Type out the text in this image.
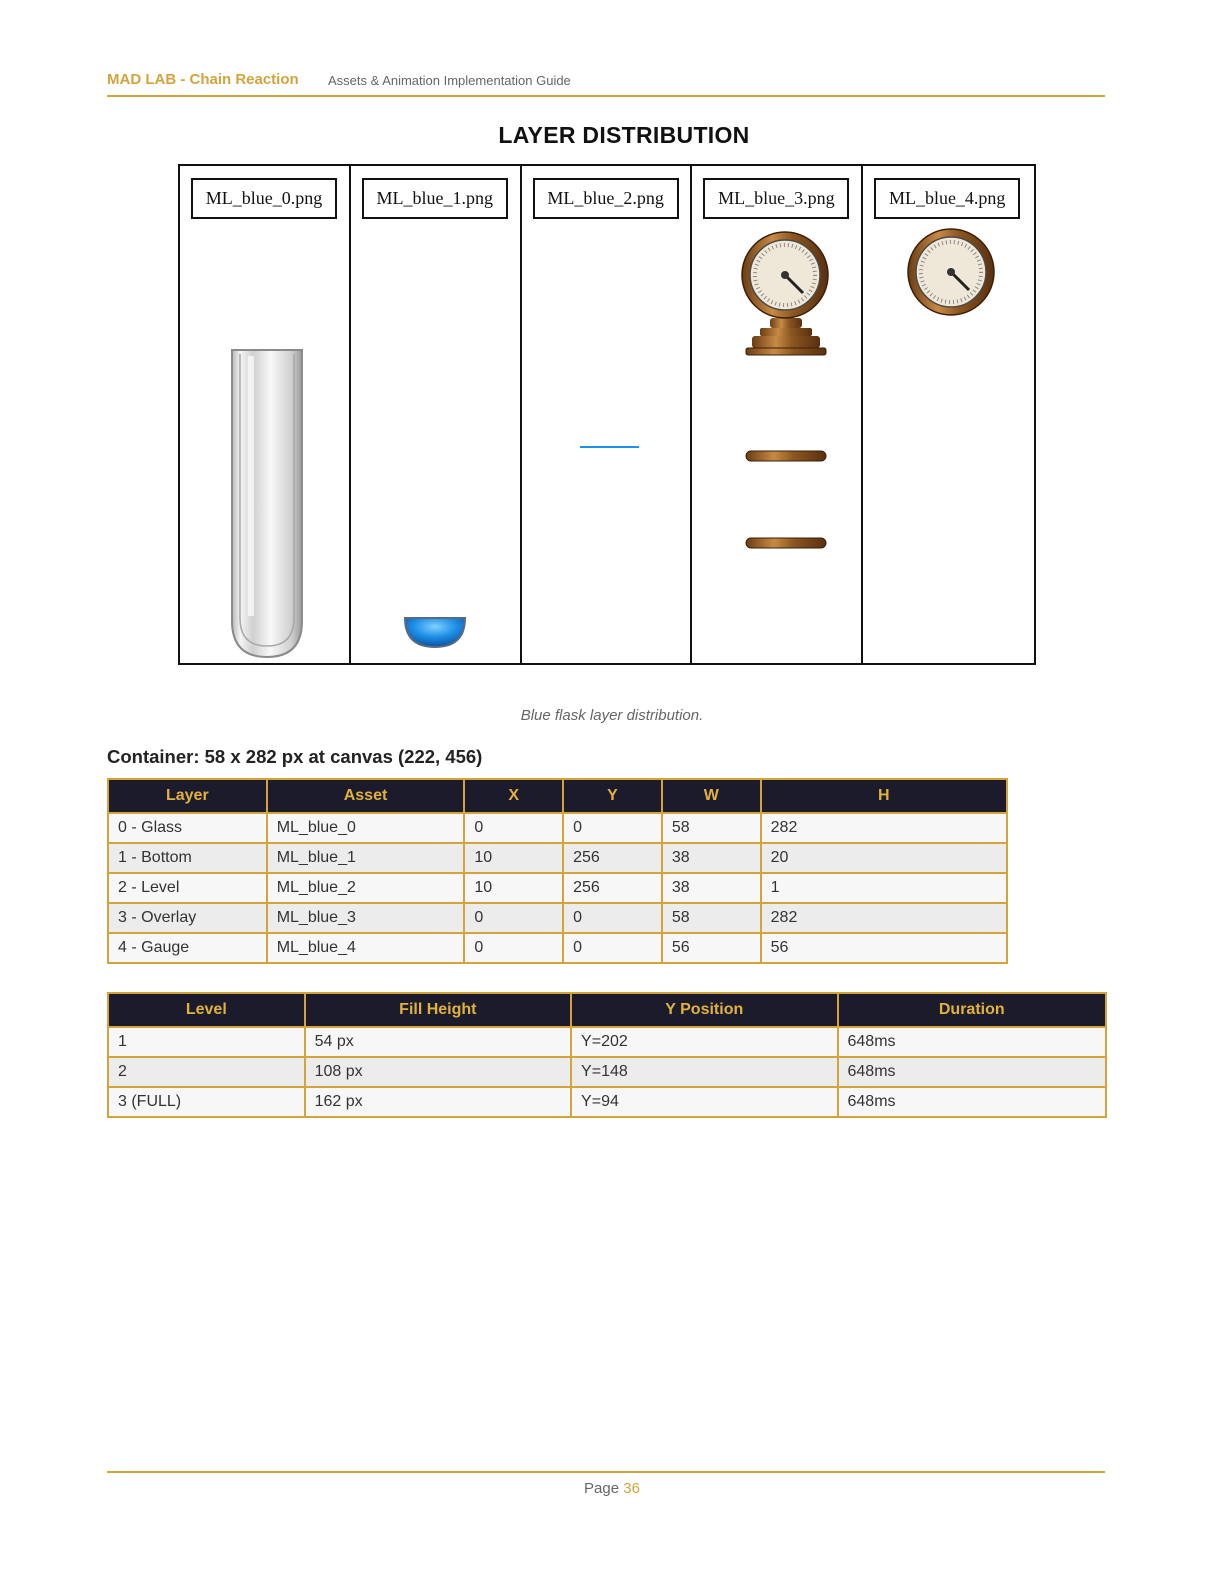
MAD LAB - Chain Reaction Assets & Animation Implementation Guide
LAYER DISTRIBUTION
ML_blue_0.png	ML_blue_1.png	ML_blue_2.png	ML_blue_3.png	ML_blue_4.png
Blue flask layer distribution.
Container: 58 x 282 px at canvas (222, 456)
Layer	Asset	X	Y	W	H
0 - Glass	ML_blue_0	0	0	58	282
1 - Bottom	ML_blue_1	10	256	38	20
2 - Level	ML_blue_2	10	256	38	1
3 - Overlay	ML_blue_3	0	0	58	282
4 - Gauge	ML_blue_4	0	0	56	56
Level	Fill Height	Y Position	Duration
1	54 px	Y=202	648ms
2	108 px	Y=148	648ms
3 (FULL)	162 px	Y=94	648ms
Page 36
